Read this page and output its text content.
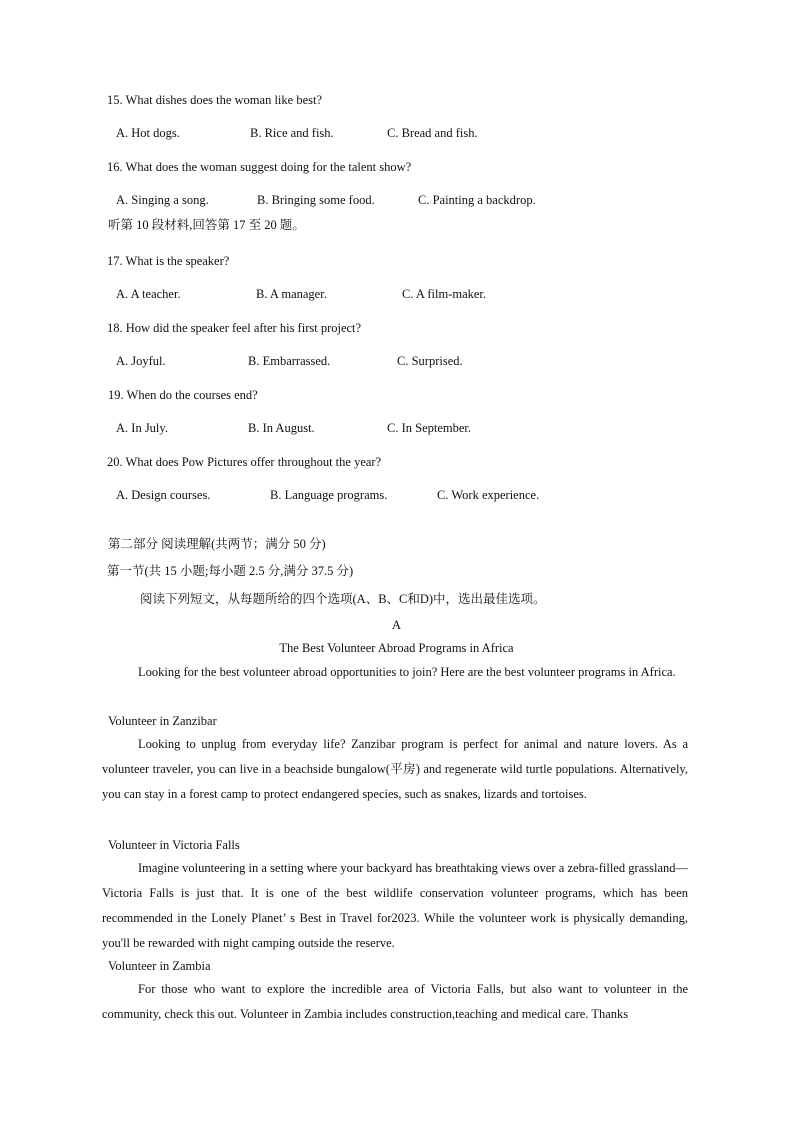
15. What dishes does the woman like best?
A. Hot dogs.	B. Rice and fish.	C. Bread and fish.
16. What does the woman suggest doing for the talent show?
A. Singing a song.	B. Bringing some food.	C. Painting a backdrop.
听第 10 段材料,回答第 17 至 20 题。
17. What is the speaker?
A. A teacher.	B. A manager.	C. A film-maker.
18. How did the speaker feel after his first project?
A. Joyful.	B. Embarrassed.	C. Surprised.
19. When do the courses end?
A. In July.	B. In August.	C. In September.
20. What does Pow Pictures offer throughout the year?
A. Design courses.	B. Language programs.	C. Work experience.
第二部分 阅读理解(共两节；满分 50 分)
第一节(共 15 小题;每小题 2.5 分,满分 37.5 分)
阅读下列短文，从每题所给的四个选项(A、B、C和D)中，选出最佳选项。
A
The Best Volunteer Abroad Programs in Africa
Looking for the best volunteer abroad opportunities to join? Here are the best volunteer programs in Africa.
Volunteer in Zanzibar
Looking to unplug from everyday life? Zanzibar program is perfect for animal and nature lovers. As a volunteer traveler, you can live in a beachside bungalow(平房) and regenerate wild turtle populations. Alternatively, you can stay in a forest camp to protect endangered species, such as snakes, lizards and tortoises.
Volunteer in Victoria Falls
Imagine volunteering in a setting where your backyard has breathtaking views over a zebra-filled grassland—Victoria Falls is just that. It is one of the best wildlife conservation volunteer programs, which has been recommended in the Lonely Planet’ s Best in Travel for2023. While the volunteer work is physically demanding, you'll be rewarded with night camping outside the reserve.
Volunteer in Zambia
For those who want to explore the incredible area of Victoria Falls, but also want to volunteer in the community, check this out. Volunteer in Zambia includes construction,teaching and medical care. Thanks
